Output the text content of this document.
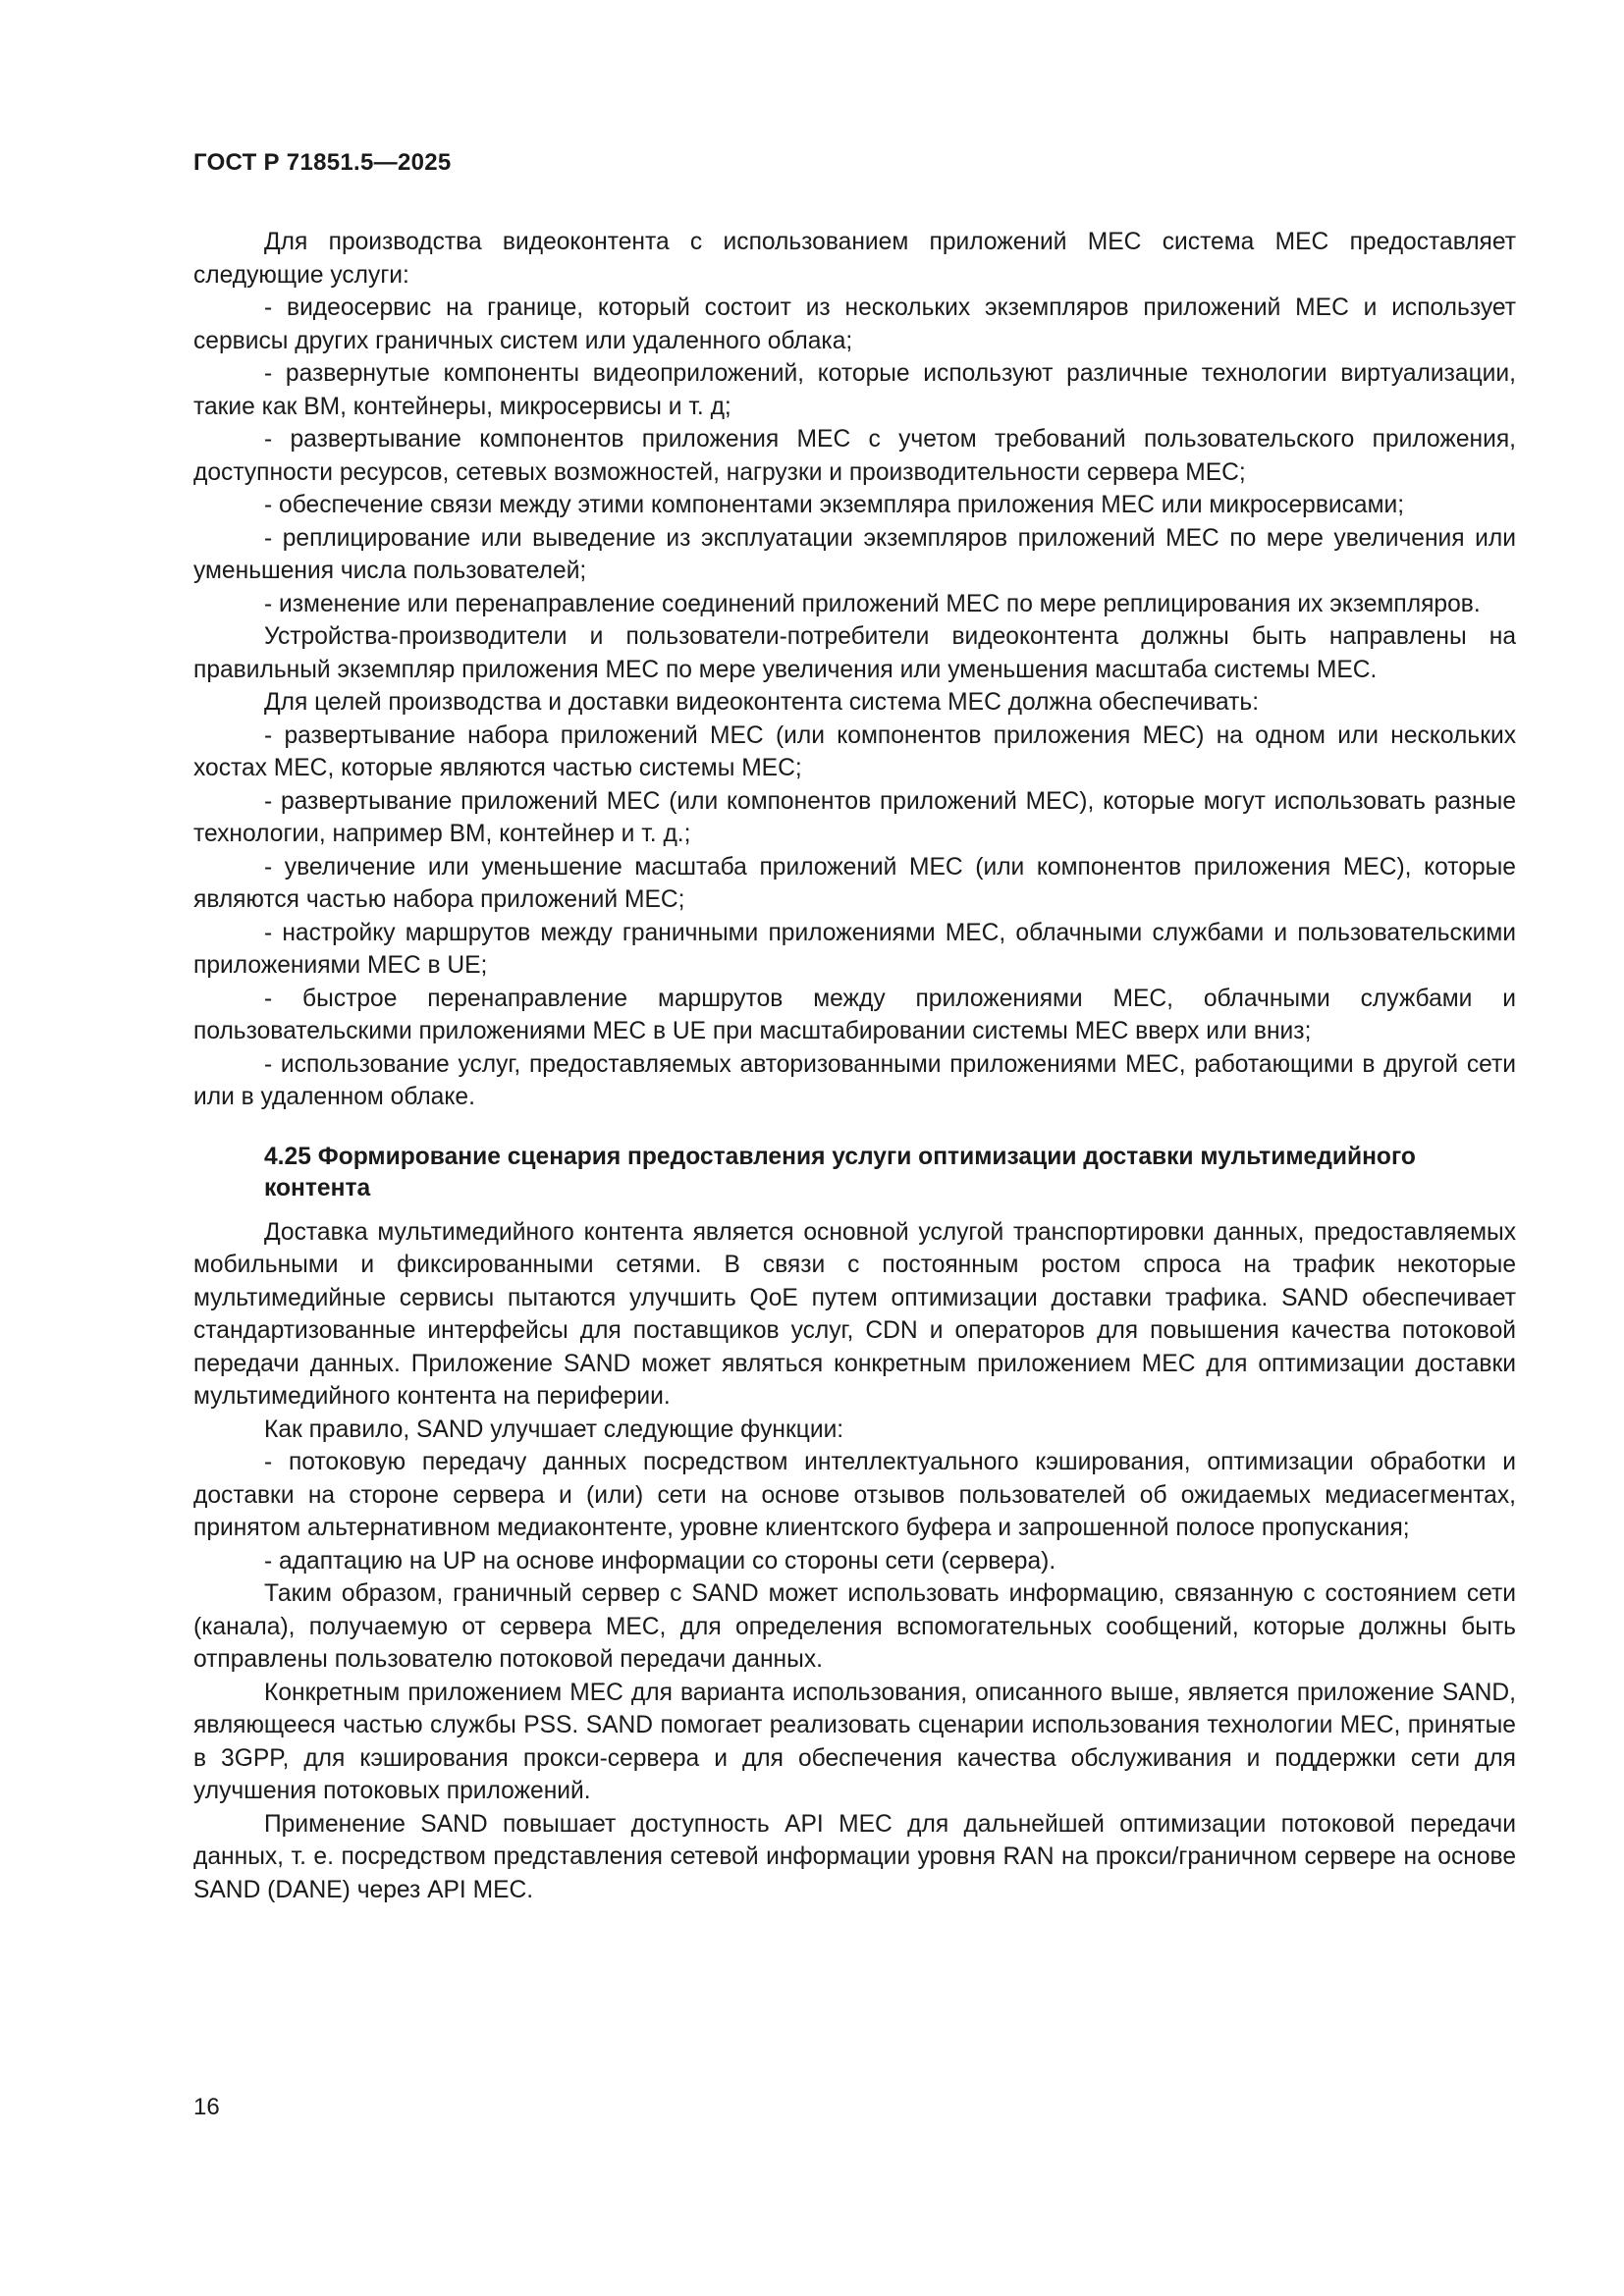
ГОСТ Р 71851.5—2025

Для производства видеоконтента с использованием приложений МЕС система МЕС предоставляет следующие услуги:

- видеосервис на границе, который состоит из нескольких экземпляров приложений МЕС и использует сервисы других граничных систем или удаленного облака;

- развернутые компоненты видеоприложений, которые используют различные технологии виртуализации, такие как ВМ, контейнеры, микросервисы и т. д;

- развертывание компонентов приложения МЕС с учетом требований пользовательского приложения, доступности ресурсов, сетевых возможностей, нагрузки и производительности сервера МЕС;

- обеспечение связи между этими компонентами экземпляра приложения МЕС или микросервисами;

- реплицирование или выведение из эксплуатации экземпляров приложений МЕС по мере увеличения или уменьшения числа пользователей;

- изменение или перенаправление соединений приложений МЕС по мере реплицирования их экземпляров.

Устройства-производители и пользователи-потребители видеоконтента должны быть направлены на правильный экземпляр приложения МЕС по мере увеличения или уменьшения масштаба системы МЕС.

Для целей производства и доставки видеоконтента система МЕС должна обеспечивать:

- развертывание набора приложений МЕС (или компонентов приложения МЕС) на одном или нескольких хостах МЕС, которые являются частью системы МЕС;

- развертывание приложений МЕС (или компонентов приложений МЕС), которые могут использовать разные технологии, например ВМ, контейнер и т. д.;

- увеличение или уменьшение масштаба приложений МЕС (или компонентов приложения МЕС), которые являются частью набора приложений МЕС;

- настройку маршрутов между граничными приложениями МЕС, облачными службами и пользовательскими приложениями МЕС в UE;

- быстрое перенаправление маршрутов между приложениями МЕС, облачными службами и пользовательскими приложениями МЕС в UE при масштабировании системы МЕС вверх или вниз;

- использование услуг, предоставляемых авторизованными приложениями МЕС, работающими в другой сети или в удаленном облаке.

4.25 Формирование сценария предоставления услуги оптимизации доставки мультимедийного контента

Доставка мультимедийного контента является основной услугой транспортировки данных, предоставляемых мобильными и фиксированными сетями. В связи с постоянным ростом спроса на трафик некоторые мультимедийные сервисы пытаются улучшить QoE путем оптимизации доставки трафика. SAND обеспечивает стандартизованные интерфейсы для поставщиков услуг, CDN и операторов для повышения качества потоковой передачи данных. Приложение SAND может являться конкретным приложением МЕС для оптимизации доставки мультимедийного контента на периферии.

Как правило, SAND улучшает следующие функции:

- потоковую передачу данных посредством интеллектуального кэширования, оптимизации обработки и доставки на стороне сервера и (или) сети на основе отзывов пользователей об ожидаемых медиасегментах, принятом альтернативном медиаконтенте, уровне клиентского буфера и запрошенной полосе пропускания;

- адаптацию на UP на основе информации со стороны сети (сервера).

Таким образом, граничный сервер с SAND может использовать информацию, связанную с состоянием сети (канала), получаемую от сервера МЕС, для определения вспомогательных сообщений, которые должны быть отправлены пользователю потоковой передачи данных.

Конкретным приложением МЕС для варианта использования, описанного выше, является приложение SAND, являющееся частью службы PSS. SAND помогает реализовать сценарии использования технологии МЕС, принятые в 3GPP, для кэширования прокси-сервера и для обеспечения качества обслуживания и поддержки сети для улучшения потоковых приложений.

Применение SAND повышает доступность API МЕС для дальнейшей оптимизации потоковой передачи данных, т. е. посредством представления сетевой информации уровня RAN на прокси/граничном сервере на основе SAND (DANE) через API МЕС.

16
